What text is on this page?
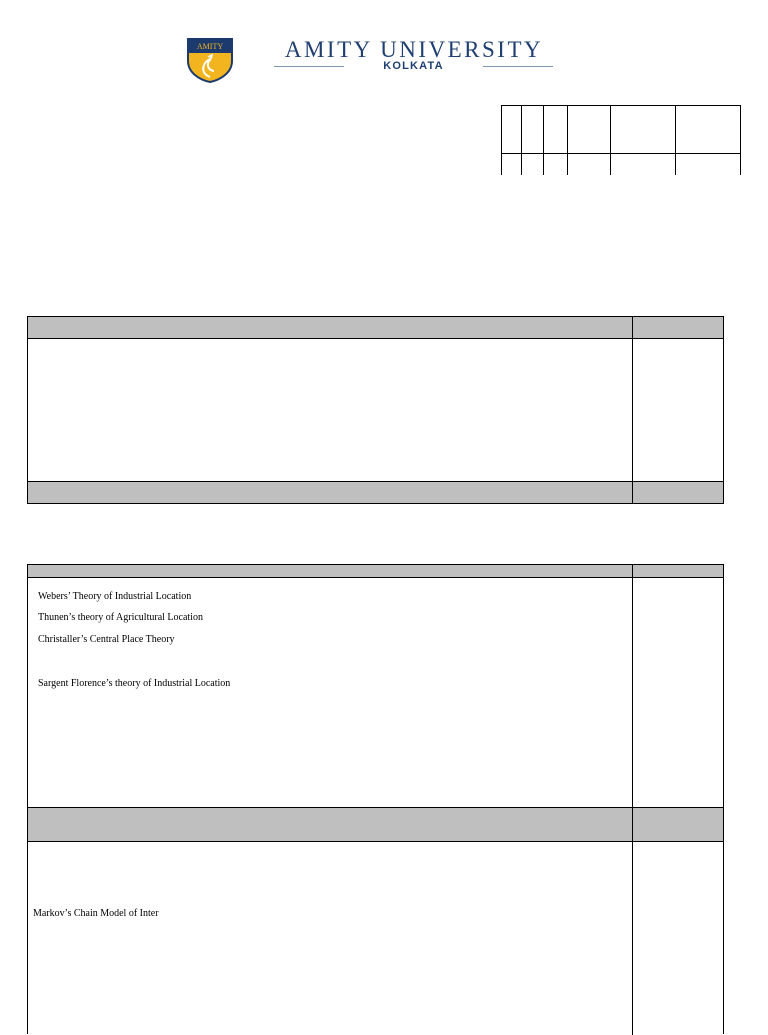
AMITY	AMITY UNIVERSITY
KOLKATA
Webers’ Theory of Industrial Location
Thunen’s theory of Agricultural Location
Christaller’s Central Place Theory
Sargent Florence’s theory of Industrial Location
Markov’s Chain Model of Inter
